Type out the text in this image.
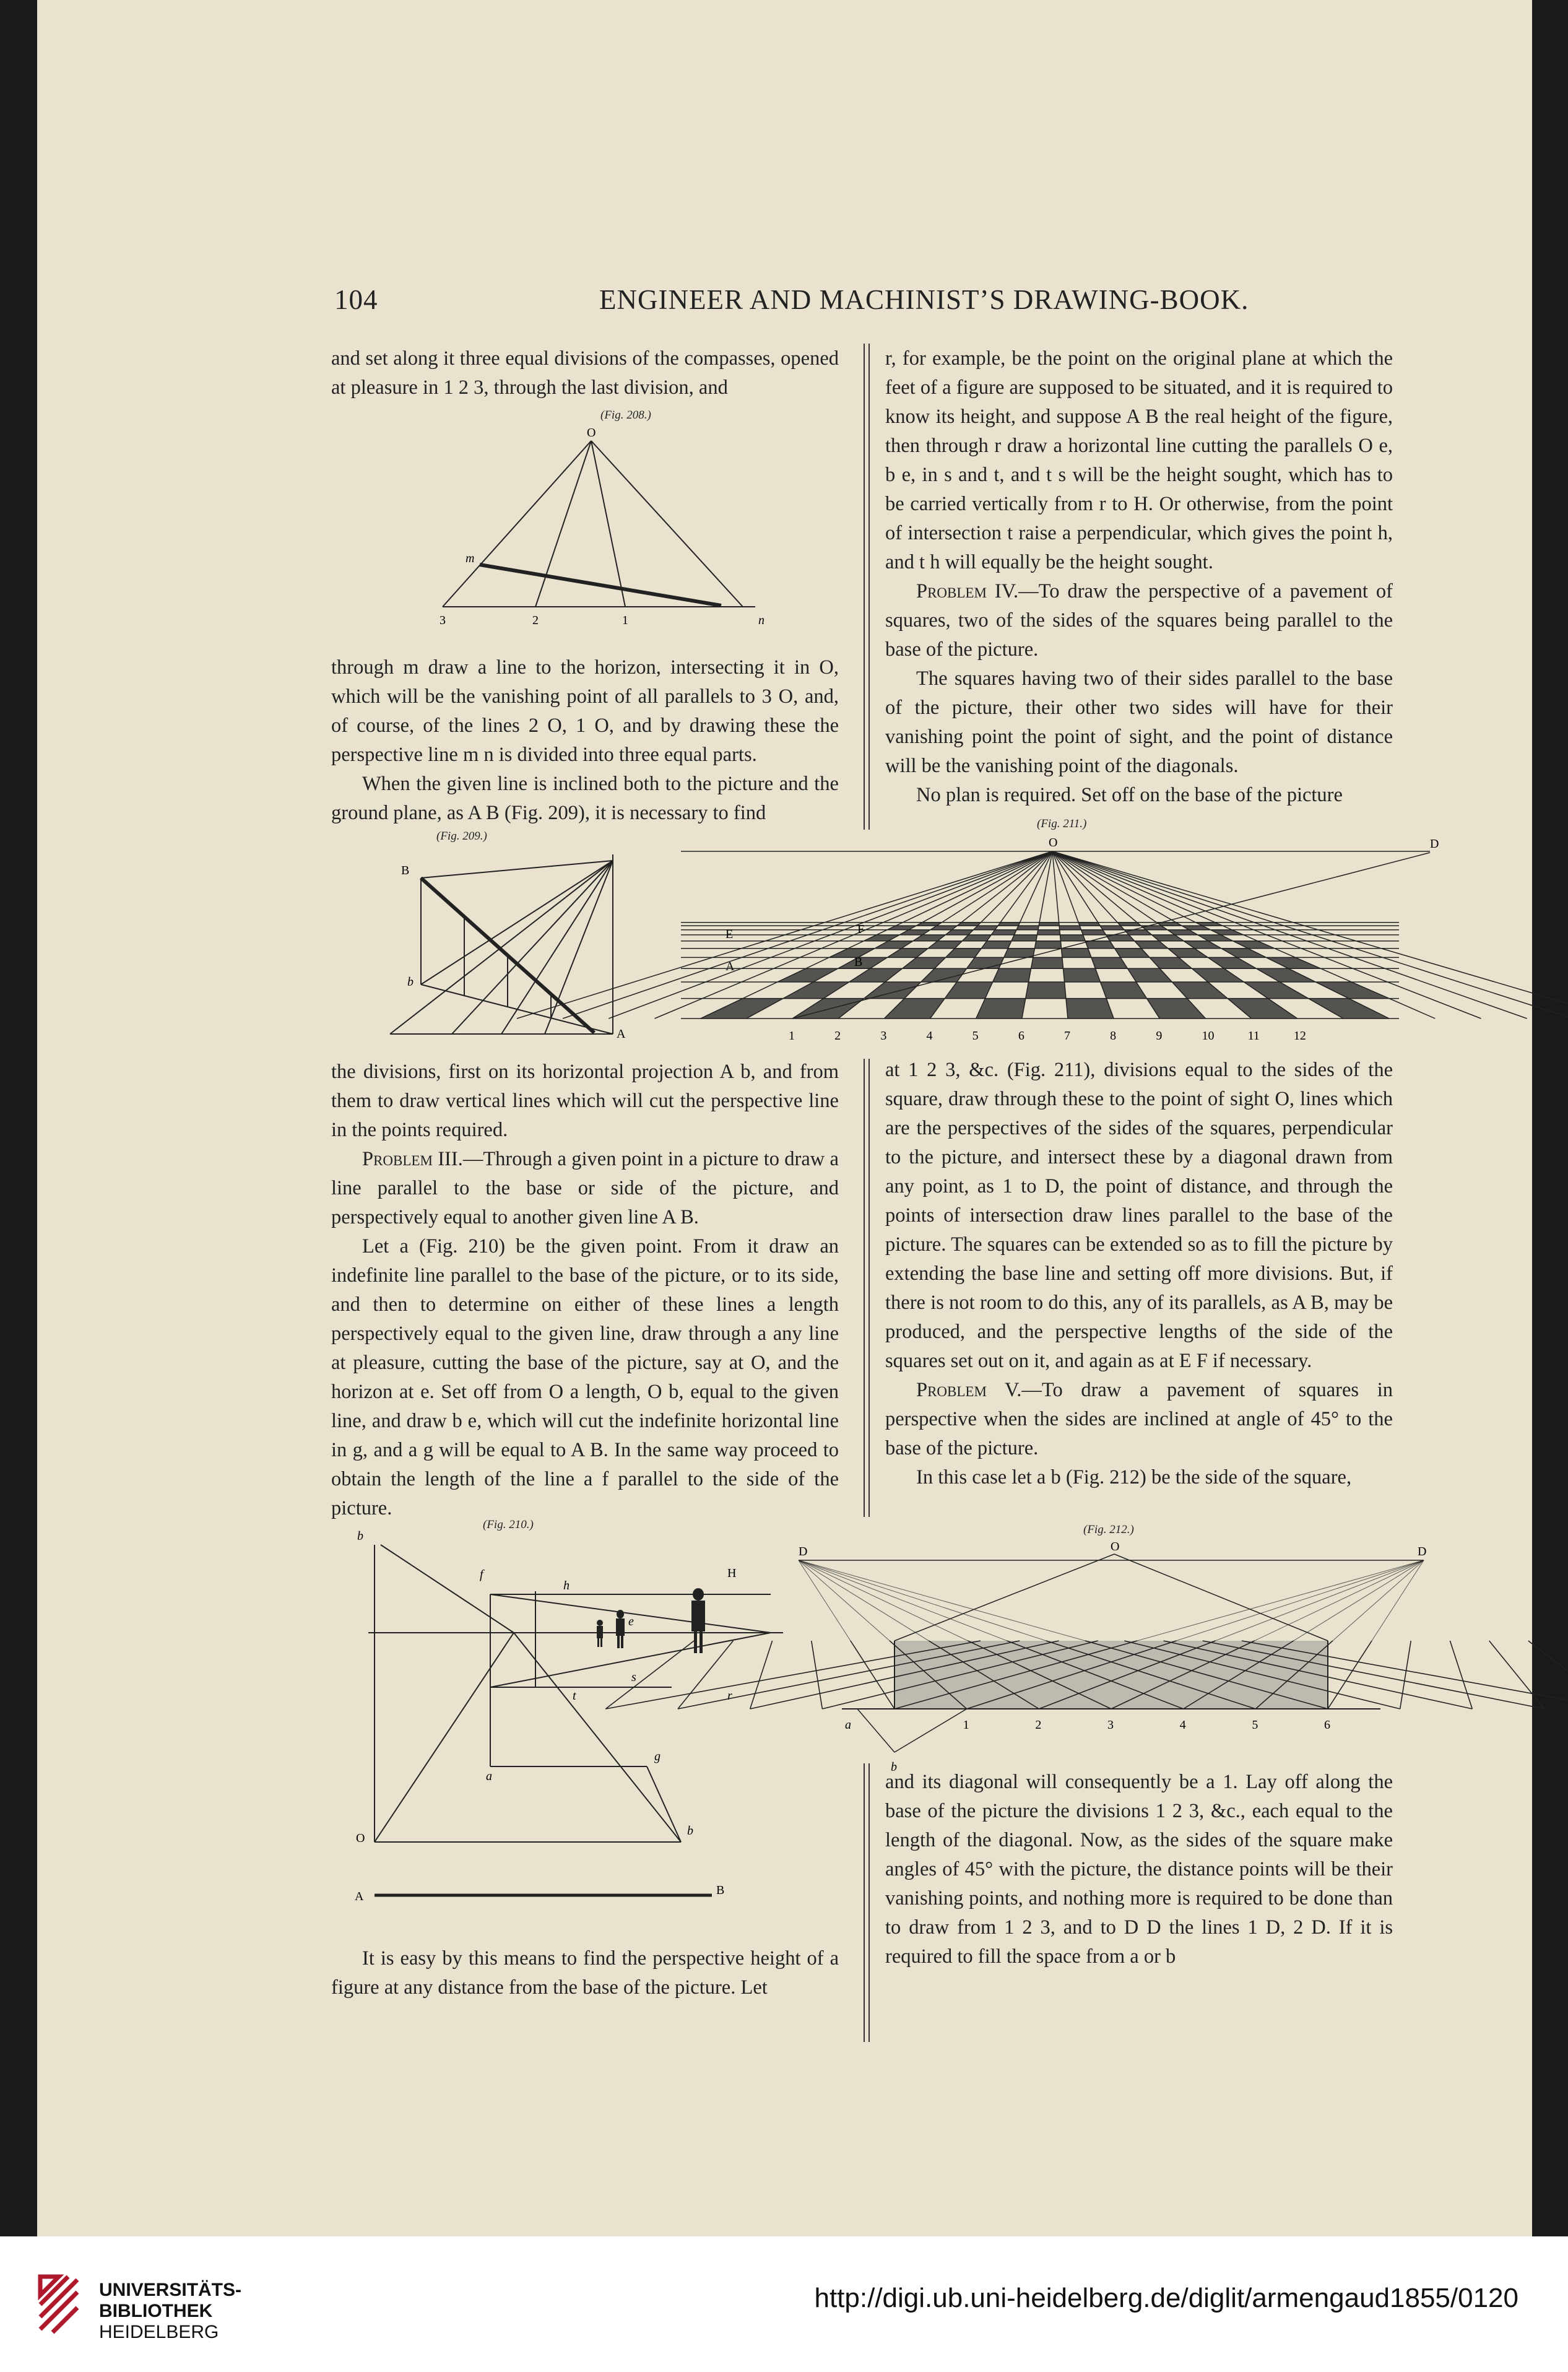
104	ENGINEER AND MACHINIST’S DRAWING-BOOK.

and set along it three equal divisions of the compasses, opened at pleasure in 1 2 3, through the last division, and

(Fig. 208.)
O
m
n
3	2	1

through m draw a line to the horizon, intersecting it in O, which will be the vanishing point of all parallels to 3 O, and, of course, of the lines 2 O, 1 O, and by drawing these the perspective line m n is divided into three equal parts.

When the given line is inclined both to the picture and the ground plane, as A B (Fig. 209), it is necessary to find

(Fig. 209.)
B
b
A

the divisions, first on its horizontal projection A b, and from them to draw vertical lines which will cut the perspective line in the points required.

Problem III.—Through a given point in a picture to draw a line parallel to the base or side of the picture, and perspectively equal to another given line A B.

Let a (Fig. 210) be the given point. From it draw an indefinite line parallel to the base of the picture, or to its side, and then to determine on either of these lines a length perspectively equal to the given line, draw through a any line at pleasure, cutting the base of the picture, say at O, and the horizon at e. Set off from O a length, O b, equal to the given line, and draw b e, which will cut the indefinite horizontal line in g, and a g will be equal to A B. In the same way proceed to obtain the length of the line a f parallel to the side of the picture.

(Fig. 210.)
b
f
h
H
e
s
t	r
a
g
O
b
A	B

It is easy by this means to find the perspective height of a figure at any distance from the base of the picture. Let

r, for example, be the point on the original plane at which the feet of a figure are supposed to be situated, and it is required to know its height, and suppose A B the real height of the figure, then through r draw a horizontal line cutting the parallels O e, b e, in s and t, and t s will be the height sought, which has to be carried vertically from r to H. Or otherwise, from the point of intersection t raise a perpendicular, which gives the point h, and t h will equally be the height sought.

Problem IV.—To draw the perspective of a pavement of squares, two of the sides of the squares being parallel to the base of the picture.

The squares having two of their sides parallel to the base of the picture, their other two sides will have for their vanishing point the point of sight, and the point of distance will be the vanishing point of the diagonals.

No plan is required. Set off on the base of the picture

(Fig. 211.)
O	D
E
A
F
B
1	2	3	4	5	6	7	8	9	10	11	12

at 1 2 3, &c. (Fig. 211), divisions equal to the sides of the square, draw through these to the point of sight O, lines which are the perspectives of the sides of the squares, perpendicular to the picture, and intersect these by a diagonal drawn from any point, as 1 to D, the point of distance, and through the points of intersection draw lines parallel to the base of the picture. The squares can be extended so as to fill the picture by extending the base line and setting off more divisions. But, if there is not room to do this, any of its parallels, as A B, may be produced, and the perspective lengths of the side of the squares set out on it, and again as at E F if necessary.

Problem V.—To draw a pavement of squares in perspective when the sides are inclined at angle of 45° to the base of the picture.

In this case let a b (Fig. 212) be the side of the square,

(Fig. 212.)
O
D	D
a
b
1	2	3	4	5	6

and its diagonal will consequently be a 1. Lay off along the base of the picture the divisions 1 2 3, &c., each equal to the length of the diagonal. Now, as the sides of the square make angles of 45° with the picture, the distance points will be their vanishing points, and nothing more is required to be done than to draw from 1 2 3, and to D D the lines 1 D, 2 D. If it is required to fill the space from a or b

UNIVERSITÄTS-
BIBLIOTHEK
HEIDELBERG
http://digi.ub.uni-heidelberg.de/diglit/armengaud1855/0120
